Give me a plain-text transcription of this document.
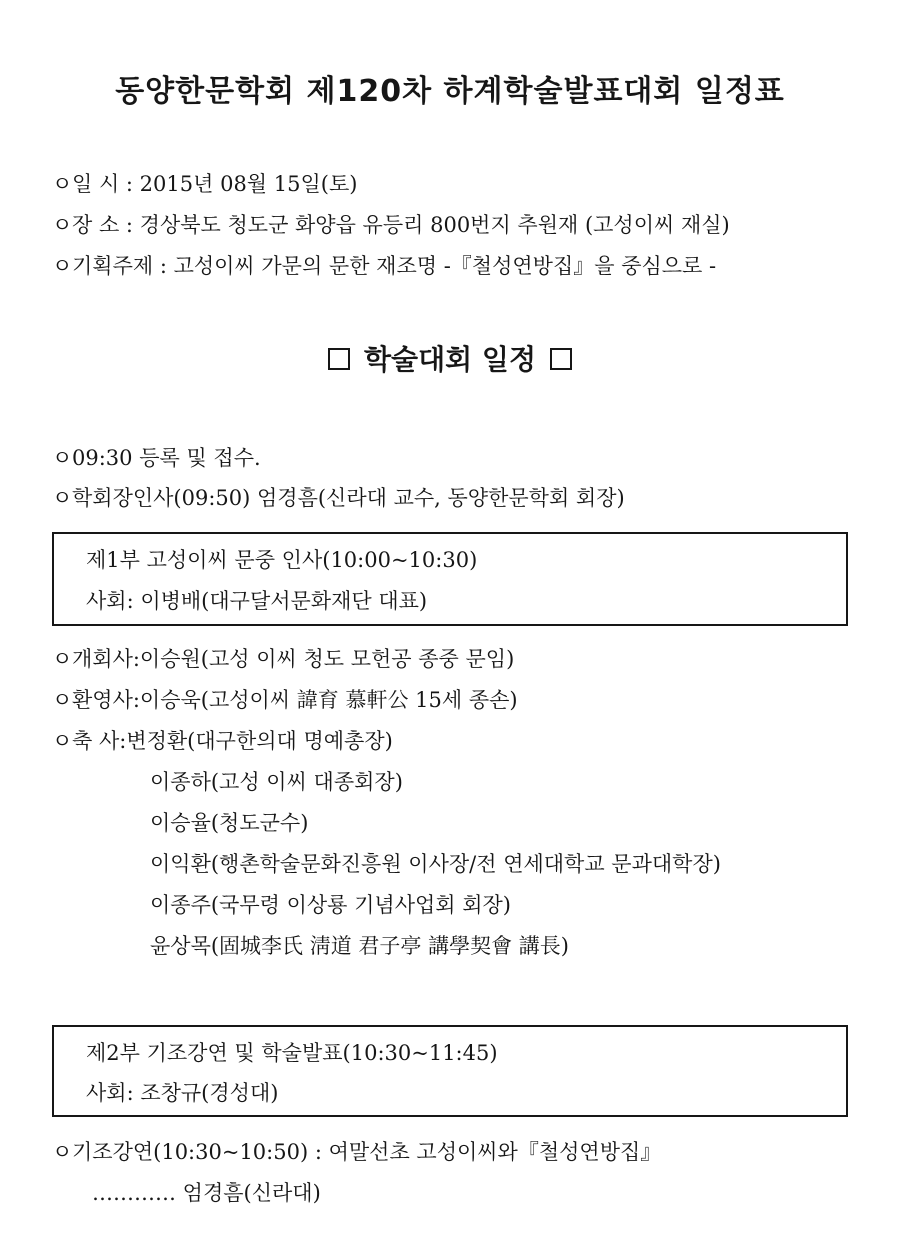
동양한문학회 제120차 하계학술발표대회 일정표
ㅇ일 시 : 2015년 08월 15일(토)
ㅇ장 소 : 경상북도 청도군 화양읍 유등리 800번지 추원재 (고성이씨 재실)
ㅇ기획주제 : 고성이씨 가문의 문한 재조명 -『철성연방집』을 중심으로 -
학술대회 일정
ㅇ09:30 등록 및 접수.
ㅇ학회장인사(09:50) 엄경흠(신라대 교수, 동양한문학회 회장)
제1부 고성이씨 문중 인사(10:00~10:30)
사회: 이병배(대구달서문화재단 대표)
ㅇ개회사:이승원(고성 이씨 청도 모헌공 종중 문임)
ㅇ환영사:이승욱(고성이씨 諱育 慕軒公 15세 종손)
ㅇ축 사:변정환(대구한의대 명예총장)
이종하(고성 이씨 대종회장)
이승율(청도군수)
이익환(행촌학술문화진흥원 이사장/전 연세대학교 문과대학장)
이종주(국무령 이상룡 기념사업회 회장)
윤상목(固城李氏 淸道 君子亭 講學契會 講長)
제2부 기조강연 및 학술발표(10:30~11:45)
사회: 조창규(경성대)
ㅇ기조강연(10:30~10:50) : 여말선초 고성이씨와『철성연방집』
………… 엄경흠(신라대)
